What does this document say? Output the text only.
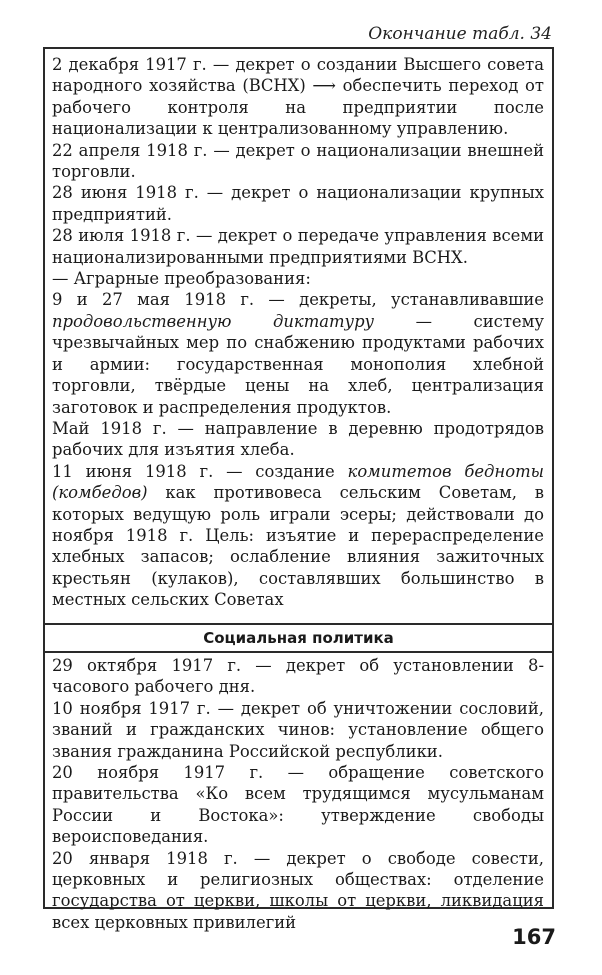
Окончание табл. 34

2 декабря 1917 г. — декрет о создании Высшего совета народного хозяйства (ВСНХ) ⟶ обеспечить переход от рабочего контроля на предприятии после национализации к централизованному управлению.

22 апреля 1918 г. — декрет о национализации внешней торговли.

28 июня 1918 г. — декрет о национализации крупных предприятий.

28 июля 1918 г. — декрет о передаче управления всеми национализированными предприятиями ВСНХ.

— Аграрные преобразования:

9 и 27 мая 1918 г. — декреты, устанавливавшие продовольственную диктатуру — систему чрезвычайных мер по снабжению продуктами рабочих и армии: государственная монополия хлебной торговли, твёрдые цены на хлеб, централизация заготовок и распределения продуктов.

Май 1918 г. — направление в деревню продотрядов рабочих для изъятия хлеба.

11 июня 1918 г. — создание комитетов бедноты (комбедов) как противовеса сельским Советам, в которых ведущую роль играли эсеры; действовали до ноября 1918 г. Цель: изъятие и перераспределение хлебных запасов; ослабление влияния зажиточных крестьян (кулаков), составлявших большинство в местных сельских Советах

Социальная политика

29 октября 1917 г. — декрет об установлении 8-часового рабочего дня.

10 ноября 1917 г. — декрет об уничтожении сословий, званий и гражданских чинов: установление общего звания гражданина Российской республики.

20 ноября 1917 г. — обращение советского правительства «Ко всем трудящимся мусульманам России и Востока»: утверждение свободы вероисповедания.

20 января 1918 г. — декрет о свободе совести, церковных и религиозных обществах: отделение государства от церкви, школы от церкви, ликвидация всех церковных привилегий

167
